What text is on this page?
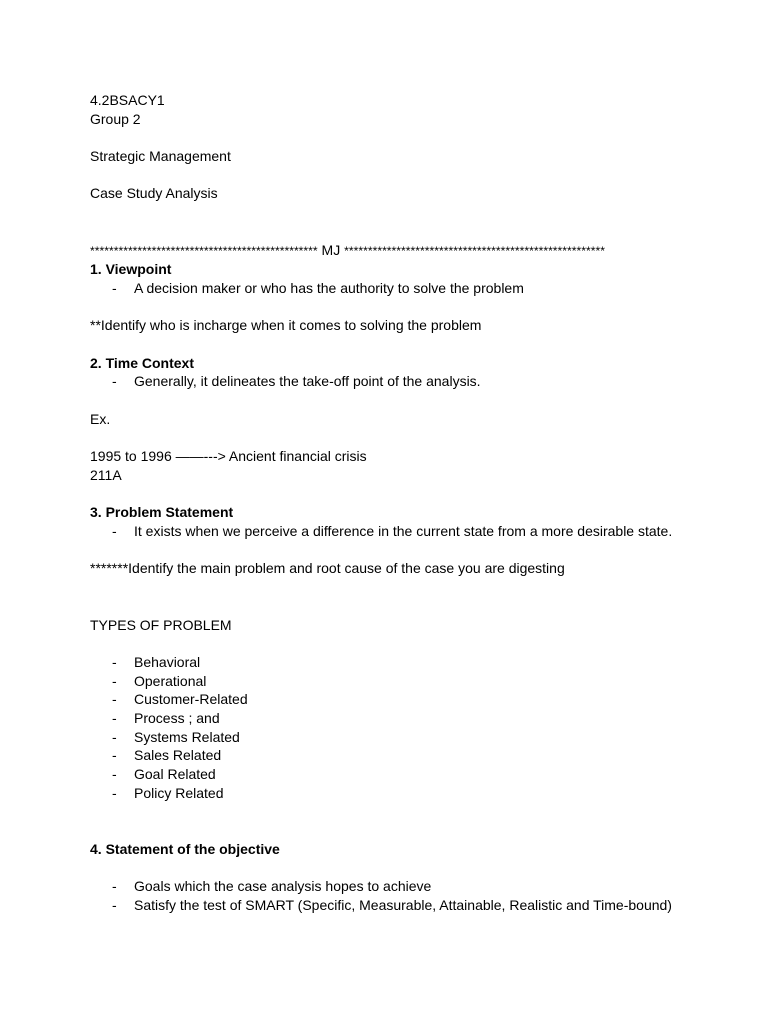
4.2BSACY1
Group 2
Strategic Management
Case Study Analysis
************************************************ MJ *******************************************************
1. Viewpoint
-	A decision maker or who has the authority to solve the problem
**Identify who is incharge when it comes to solving the problem
2. Time Context
-	Generally, it delineates the take-off point of the analysis.
Ex.
1995 to 1996 ——---> Ancient financial crisis
211A
3. Problem Statement
-	It exists when we perceive a difference in the current state from a more desirable state.
*******Identify the main problem and root cause of the case you are digesting
TYPES OF PROBLEM
-	Behavioral
-	Operational
-	Customer-Related
-	Process ; and
-	Systems Related
-	Sales Related
-	Goal Related
-	Policy Related
4. Statement of the objective
-	Goals which the case analysis hopes to achieve
-	Satisfy the test of SMART (Specific, Measurable, Attainable, Realistic and Time-bound)
